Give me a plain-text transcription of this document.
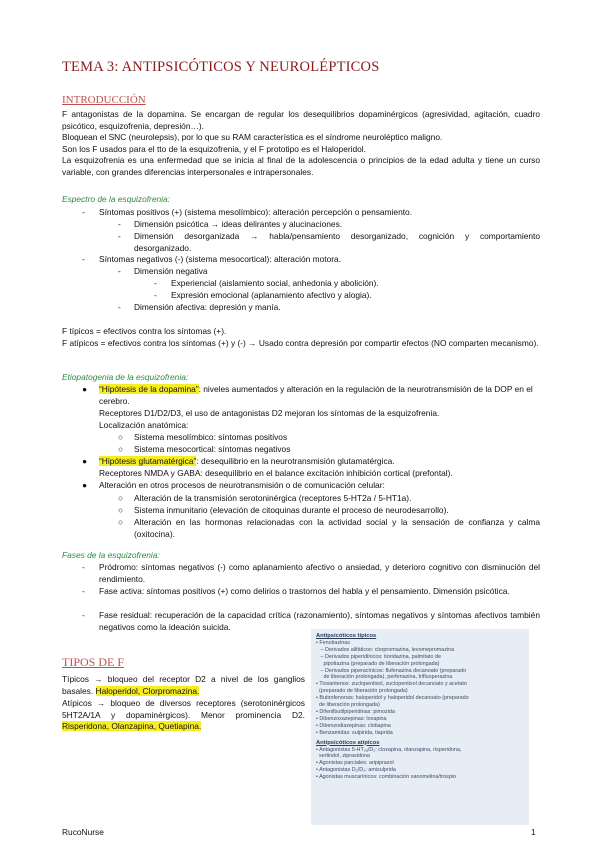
TEMA 3: ANTIPSICÓTICOS Y NEUROLÉPTICOS
INTRODUCCIÓN

F antagonistas de la dopamina. Se encargan de regular los desequilibrios dopaminérgicos (agresividad, agitación, cuadro psicótico, esquizofrenia, depresión…).

Bloquean el SNC (neurolepsis), por lo que su RAM característica es el síndrome neuroléptico maligno.

Son los F usados para el tto de la esquizofrenia, y el F prototipo es el Haloperidol.

La esquizofrenia es una enfermedad que se inicia al final de la adolescencia o principios de la edad adulta y tiene un curso variable, con grandes diferencias interpersonales e intrapersonales.

Espectro de la esquizofrenia:
- Síntomas positivos (+) (sistema mesolímbico): alteración percepción o pensamiento.
- Dimensión psicótica → ideas delirantes y alucinaciones.
- Dimensión desorganizada → habla/pensamiento desorganizado, cognición y comportamiento desorganizado.
- Síntomas negativos (-) (sistema mesocortical): alteración motora.
- Dimensión negativa
- Experiencial (aislamiento social, anhedonia y abolición).
- Expresión emocional (aplanamiento afectivo y alogia).
- Dimensión afectiva: depresión y manía.
F típicos = efectivos contra los síntomas (+).
F atípicos = efectivos contra los síntomas (+) y (-) → Usado contra depresión por compartir efectos (NO comparten mecanismo).
Etiopatogenia de la esquizofrenia:
● “Hipótesis de la dopamina”: niveles aumentados y alteración en la regulación de la neurotransmisión de la DOP en el cerebro.
Receptores D1/D2/D3, el uso de antagonistas D2 mejoran los síntomas de la esquizofrenia.
Localización anatómica:
○ Sistema mesolímbico: síntomas positivos
○ Sistema mesocortical: síntomas negativos
● “Hipótesis glutamatérgica”: desequilibrio en la neurotransmisión glutamatérgica.
Receptores NMDA y GABA: desequilibrio en el balance excitación inhibición cortical (prefontal).
● Alteración en otros procesos de neurotransmisión o de comunicación celular:
○ Alteración de la transmisión serotoninérgica (receptores 5-HT2a / 5-HT1a).
○ Sistema inmunitario (elevación de citoquinas durante el proceso de neurodesarrollo).
○ Alteración en las hormonas relacionadas con la actividad social y la sensación de confianza y calma (oxitocina).
Fases de la esquizofrenia:
- Pródromo: síntomas negativos (-) como aplanamiento afectivo o ansiedad, y deterioro cognitivo con disminución del rendimiento.
- Fase activa: síntomas positivos (+) como delirios o trastornos del habla y el pensamiento. Dimensión psicótica.
- Fase residual: recuperación de la capacidad crítica (razonamiento), síntomas negativos y síntomas afectivos también negativos como la ideación suicida.
TIPOS DE F
Típicos → bloqueo del receptor D2 a nivel de los ganglios basales. Haloperidol, Clorpromazina.
Atípicos → bloqueo de diversos receptores (serotoninérgicos 5HT2A/1A y dopaminérgicos). Menor prominencia D2. Risperidona, Olanzapina, Quetiapina.
Antipsicóticos típicos
• Fenotiazinas
– Derivados alifáticos: clorpromazina, levomepromazina
– Derivados piperidínicos: tioridazina, palmitato de
pipotiazina (preparado de liberación prolongada)
– Derivados piperacínicos: flufenazina decanoato (preparado
de liberación prolongada), perfenazina, trifluoperazina
• Tioxantenos: zuclopentixol, zuclopentixol decanoato y acetato
(preparado de liberación prolongada)
• Butirofenonas: haloperidol y haloperidol decanoato (preparado
de liberación prolongada)
• Difenilbutilpiperidinas: pimozida
• Dibenzoxazepinas: loxapina
• Dibenzodiazepinas: clotiapina
• Benzamidas: sulpirida, tiaprida
Antipsicóticos atípicos
• Antagonistas 5-HT₂ₐ/D₂: clozapina, olanzapina, risperidona,
sertindol, ziprasidona
• Agonistas parciales: aripiprazol
• Antagonistas D₂/D₃: amisulprida
• Agonistas muscarínicos: combinación xanomelina/trospio
RucoNurse	1
